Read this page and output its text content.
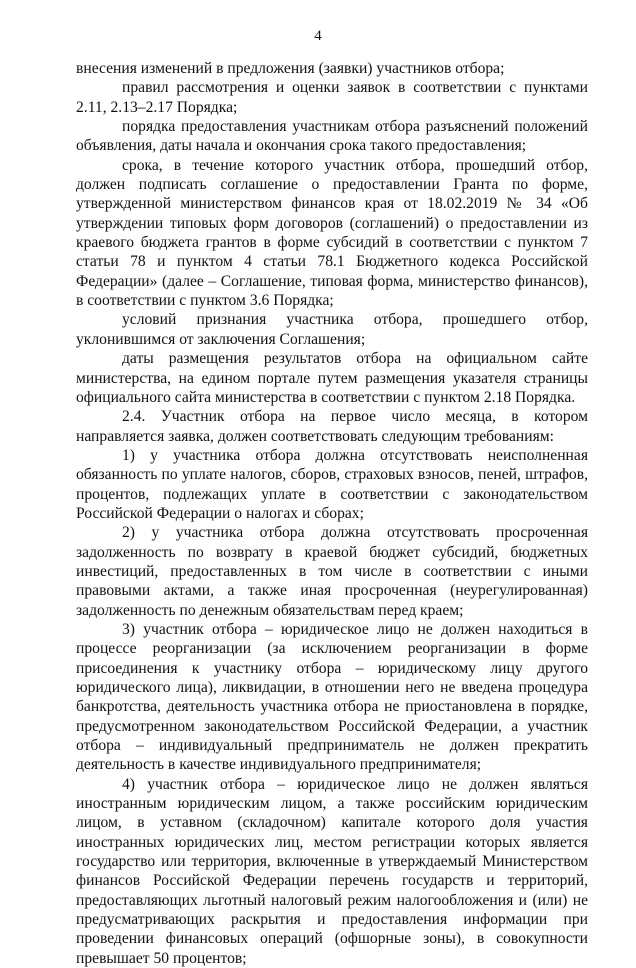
4

внесения изменений в предложения (заявки) участников отбора;

правил рассмотрения и оценки заявок в соответствии с пунктами 2.11, 2.13–2.17 Порядка;

порядка предоставления участникам отбора разъяснений положений объявления, даты начала и окончания срока такого предоставления;

срока, в течение которого участник отбора, прошедший отбор, должен подписать соглашение о предоставлении Гранта по форме, утвержденной министерством финансов края от 18.02.2019 № 34 «Об утверждении типовых форм договоров (соглашений) о предоставлении из краевого бюджета грантов в форме субсидий в соответствии с пунктом 7 статьи 78 и пунктом 4 статьи 78.1 Бюджетного кодекса Российской Федерации» (далее – Соглашение, типовая форма, министерство финансов), в соответствии с пунктом 3.6 Порядка;

условий признания участника отбора, прошедшего отбор, уклонившимся от заключения Соглашения;

даты размещения результатов отбора на официальном сайте министерства, на едином портале путем размещения указателя страницы официального сайта министерства в соответствии с пунктом 2.18 Порядка.

2.4. Участник отбора на первое число месяца, в котором направляется заявка, должен соответствовать следующим требованиям:

1) у участника отбора должна отсутствовать неисполненная обязанность по уплате налогов, сборов, страховых взносов, пеней, штрафов, процентов, подлежащих уплате в соответствии с законодательством Российской Федерации о налогах и сборах;

2) у участника отбора должна отсутствовать просроченная задолженность по возврату в краевой бюджет субсидий, бюджетных инвестиций, предоставленных в том числе в соответствии с иными правовыми актами, а также иная просроченная (неурегулированная) задолженность по денежным обязательствам перед краем;

3) участник отбора – юридическое лицо не должен находиться в процессе реорганизации (за исключением реорганизации в форме присоединения к участнику отбора – юридическому лицу другого юридического лица), ликвидации, в отношении него не введена процедура банкротства, деятельность участника отбора не приостановлена в порядке, предусмотренном законодательством Российской Федерации, а участник отбора – индивидуальный предприниматель не должен прекратить деятельность в качестве индивидуального предпринимателя;

4) участник отбора – юридическое лицо не должен являться иностранным юридическим лицом, а также российским юридическим лицом, в уставном (складочном) капитале которого доля участия иностранных юридических лиц, местом регистрации которых является государство или территория, включенные в утверждаемый Министерством финансов Российской Федерации перечень государств и территорий, предоставляющих льготный налоговый режим налогообложения и (или) не предусматривающих раскрытия и предоставления информации при проведении финансовых операций (офшорные зоны), в совокупности превышает 50 процентов;
